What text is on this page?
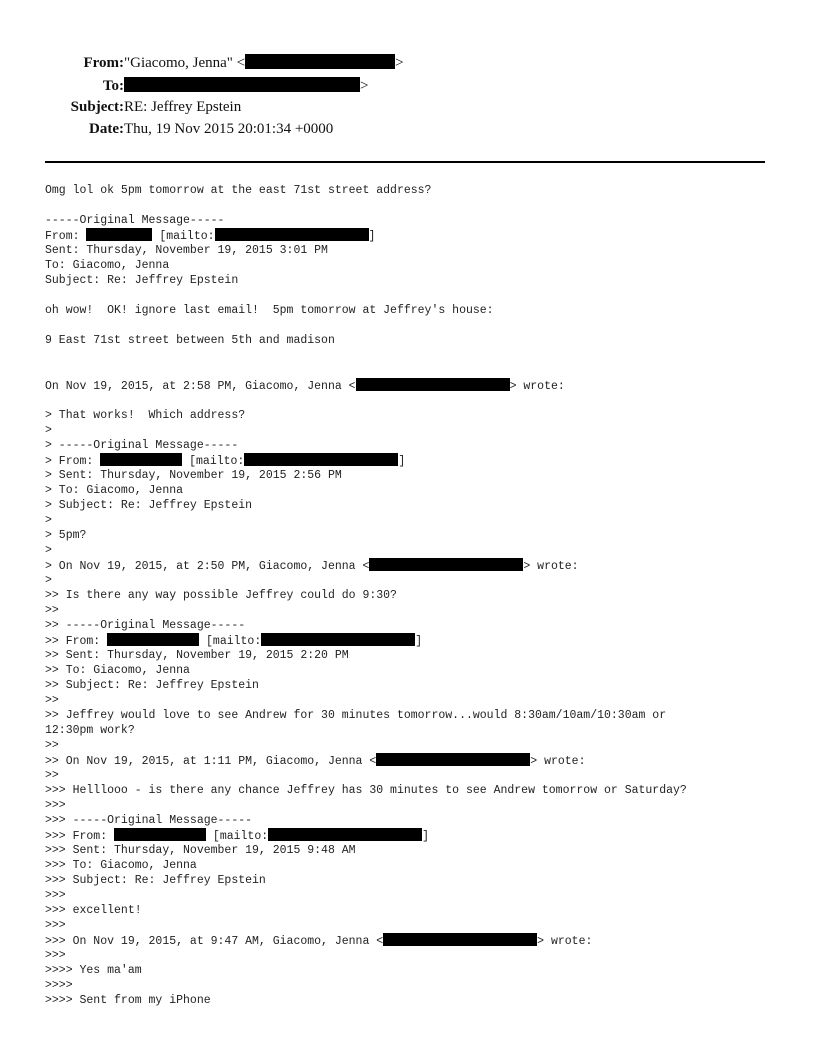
From: "Giacomo, Jenna" <	>
To:	>
Subject: RE: Jeffrey Epstein
Date: Thu, 19 Nov 2015 20:01:34 +0000
Omg lol ok 5pm tomorrow at the east 71st street address?
-----Original Message-----
From:	[mailto:	]
Sent: Thursday, November 19, 2015 3:01 PM
To: Giacomo, Jenna
Subject: Re: Jeffrey Epstein
oh wow!  OK! ignore last email!  5pm tomorrow at Jeffrey's house:
9 East 71st street between 5th and madison
On Nov 19, 2015, at 2:58 PM, Giacomo, Jenna <	> wrote:
> That works!  Which address?
>
> -----Original Message-----
> From:	[mailto:	]
> Sent: Thursday, November 19, 2015 2:56 PM
> To: Giacomo, Jenna
> Subject: Re: Jeffrey Epstein
>
> 5pm?
>
> On Nov 19, 2015, at 2:50 PM, Giacomo, Jenna <	> wrote:
>
>> Is there any way possible Jeffrey could do 9:30?
>>
>> -----Original Message-----
>> From:	[mailto:	]
>> Sent: Thursday, November 19, 2015 2:20 PM
>> To: Giacomo, Jenna
>> Subject: Re: Jeffrey Epstein
>>
>> Jeffrey would love to see Andrew for 30 minutes tomorrow...would 8:30am/10am/10:30am or
12:30pm work?
>>
>> On Nov 19, 2015, at 1:11 PM, Giacomo, Jenna <	> wrote:
>>
>>> Helllooo - is there any chance Jeffrey has 30 minutes to see Andrew tomorrow or Saturday?
>>>
>>> -----Original Message-----
>>> From:	[mailto:	]
>>> Sent: Thursday, November 19, 2015 9:48 AM
>>> To: Giacomo, Jenna
>>> Subject: Re: Jeffrey Epstein
>>>
>>> excellent!
>>>
>>> On Nov 19, 2015, at 9:47 AM, Giacomo, Jenna <	> wrote:
>>>
>>>> Yes ma'am
>>>>
>>>> Sent from my iPhone
